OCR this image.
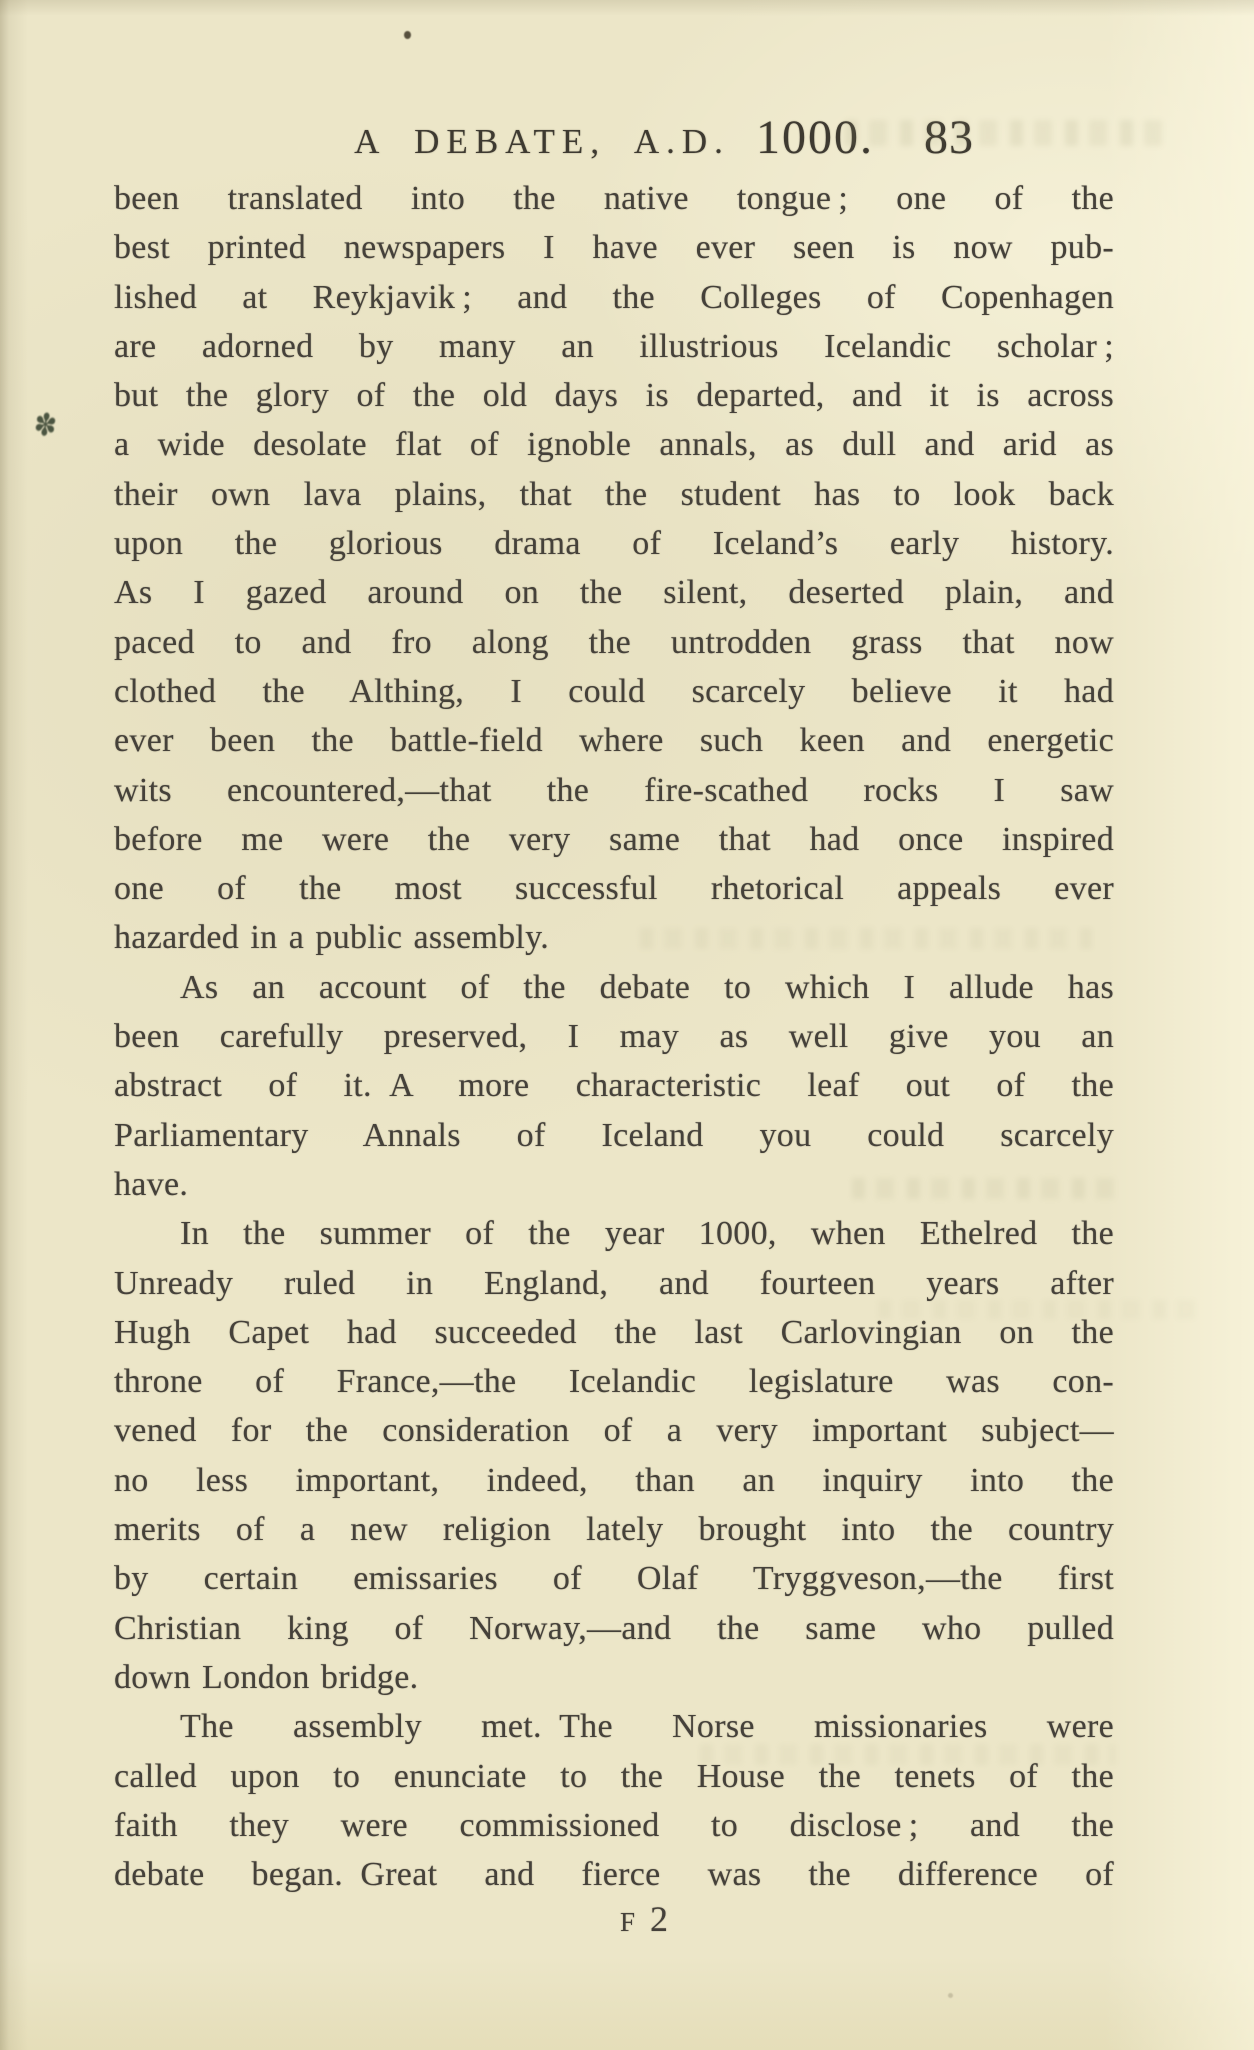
A DEBATE, A.D. 1000. 83
been translated into the native tongue ; one of the
best printed newspapers I have ever seen is now pub-
lished at Reykjavik ; and the Colleges of Copenhagen
are adorned by many an illustrious Icelandic scholar ;
but the glory of the old days is departed, and it is across
a wide desolate flat of ignoble annals, as dull and arid as
their own lava plains, that the student has to look back
upon the glorious drama of Iceland’s early history.
As I gazed around on the silent, deserted plain, and
paced to and fro along the untrodden grass that now
clothed the Althing, I could scarcely believe it had
ever been the battle-field where such keen and energetic
wits encountered,—that the fire-scathed rocks I saw
before me were the very same that had once inspired
one of the most successful rhetorical appeals ever
hazarded in a public assembly.
As an account of the debate to which I allude has
been carefully preserved, I may as well give you an
abstract of it. A more characteristic leaf out of the
Parliamentary Annals of Iceland you could scarcely
have.
In the summer of the year 1000, when Ethelred the
Unready ruled in England, and fourteen years after
Hugh Capet had succeeded the last Carlovingian on the
throne of France,—the Icelandic legislature was con-
vened for the consideration of a very important subject—
no less important, indeed, than an inquiry into the
merits of a new religion lately brought into the country
by certain emissaries of Olaf Tryggveson,—the first
Christian king of Norway,—and the same who pulled
down London bridge.
The assembly met. The Norse missionaries were
called upon to enunciate to the House the tenets of the
faith they were commissioned to disclose ; and the
debate began. Great and fierce was the difference of
F 2
✽
